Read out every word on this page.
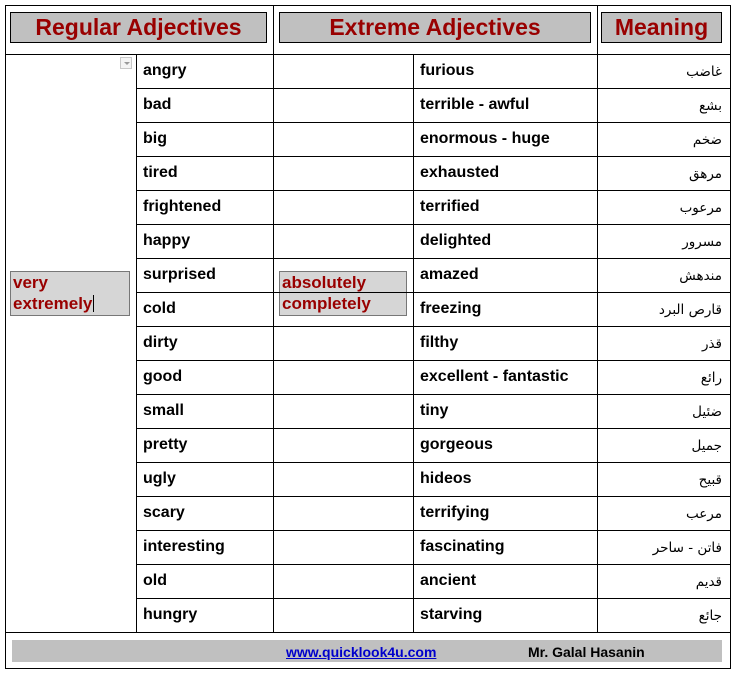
Regular Adjectives	Extreme Adjectives	Meaning
very
extremely
absolutely
completely
angry	furious	غاضب
bad	terrible - awful	بشع
big	enormous - huge	ضخم
tired	exhausted	مرهق
frightened	terrified	مرعوب
happy	delighted	مسرور
surprised	amazed	مندهش
cold	freezing	قارص البرد
dirty	filthy	قذر
good	excellent - fantastic	رائع
small	tiny	ضئيل
pretty	gorgeous	جميل
ugly	hideos	قبيح
scary	terrifying	مرعب
interesting	fascinating	فاتن - ساحر
old	ancient	قديم
hungry	starving	جائع
www.quicklook4u.com	Mr. Galal Hasanin
